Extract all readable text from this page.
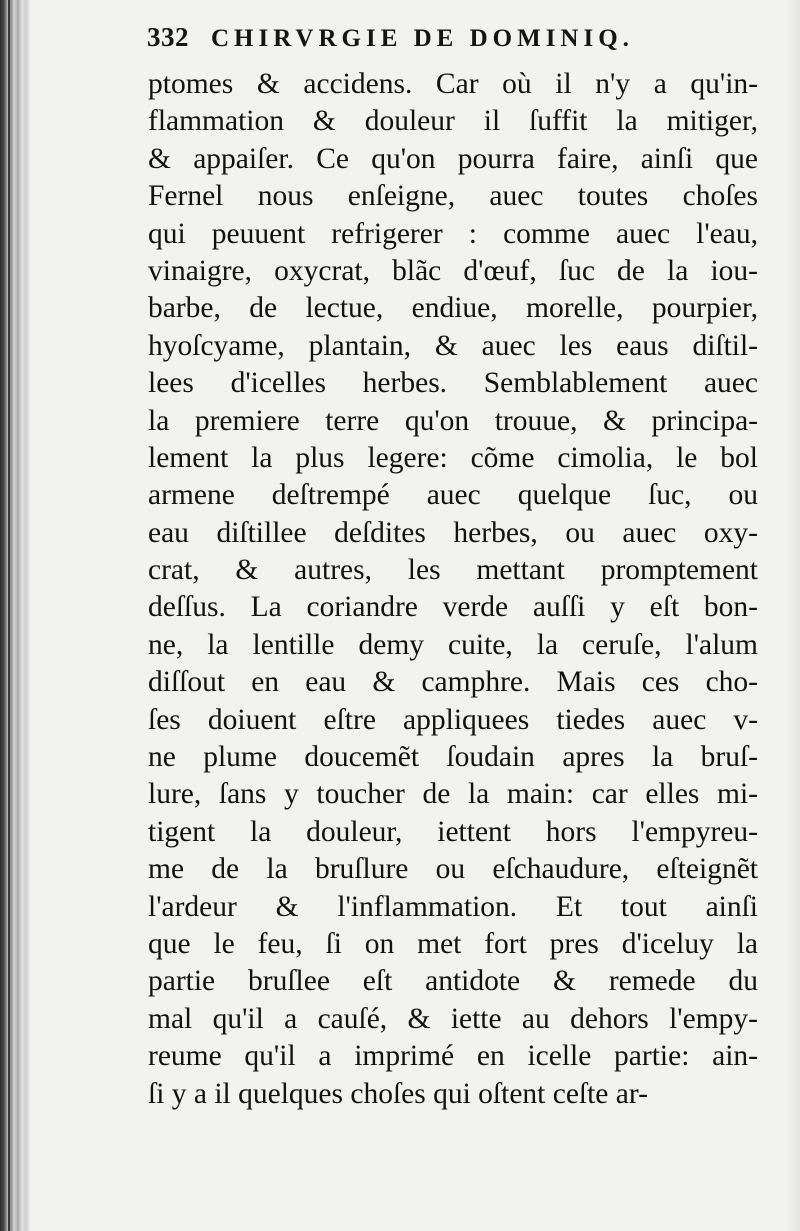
332 CHIRVRGIE DE DOMINIQ.
ptomes & accidens. Car où il n'y a qu'in-
flammation & douleur il ſuffit la mitiger,
& appaiſer. Ce qu'on pourra faire, ainſi que
Fernel nous enſeigne, auec toutes choſes
qui peuuent refrigerer : comme auec l'eau,
vinaigre, oxycrat, blãc d'œuf, ſuc de la iou-
barbe, de lectue, endiue, morelle, pourpier,
hyoſcyame, plantain, & auec les eaus diſtil-
lees d'icelles herbes. Semblablement auec
la premiere terre qu'on trouue, & principa-
lement la plus legere: cõme cimolia, le bol
armene deſtrempé auec quelque ſuc, ou
eau diſtillee deſdites herbes, ou auec oxy-
crat, & autres, les mettant promptement
deſſus. La coriandre verde auſſi y eſt bon-
ne, la lentille demy cuite, la ceruſe, l'alum
diſſout en eau & camphre. Mais ces cho-
ſes doiuent eſtre appliquees tiedes auec v-
ne plume doucemẽt ſoudain apres la bruſ-
lure, ſans y toucher de la main: car elles mi-
tigent la douleur, iettent hors l'empyreu-
me de la bruſlure ou eſchaudure, eſteignẽt
l'ardeur & l'inflammation. Et tout ainſi
que le feu, ſi on met fort pres d'iceluy la
partie bruſlee eſt antidote & remede du
mal qu'il a cauſé, & iette au dehors l'empy-
reume qu'il a imprimé en icelle partie: ain-
ſi y a il quelques choſes qui oſtent ceſte ar-
